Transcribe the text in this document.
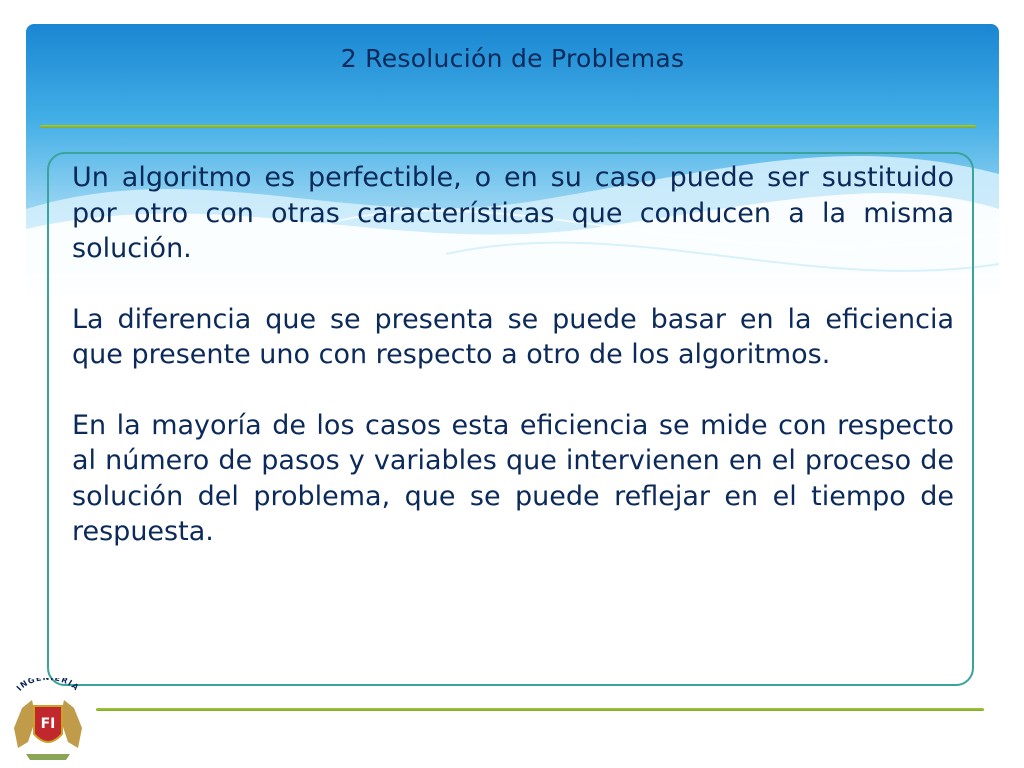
2 Resolución de Problemas

Un algoritmo es perfectible, o en su caso puede ser sustituido por otro con otras características que conducen a la misma solución.

La diferencia que se presenta se puede basar en la eficiencia que presente uno con respecto a otro de los algoritmos.

En la mayoría de los casos esta eficiencia se mide con respecto al número de pasos y variables que intervienen en el proceso de solución del problema, que se puede reflejar en el tiempo de respuesta.

INGE ERIA
FI
